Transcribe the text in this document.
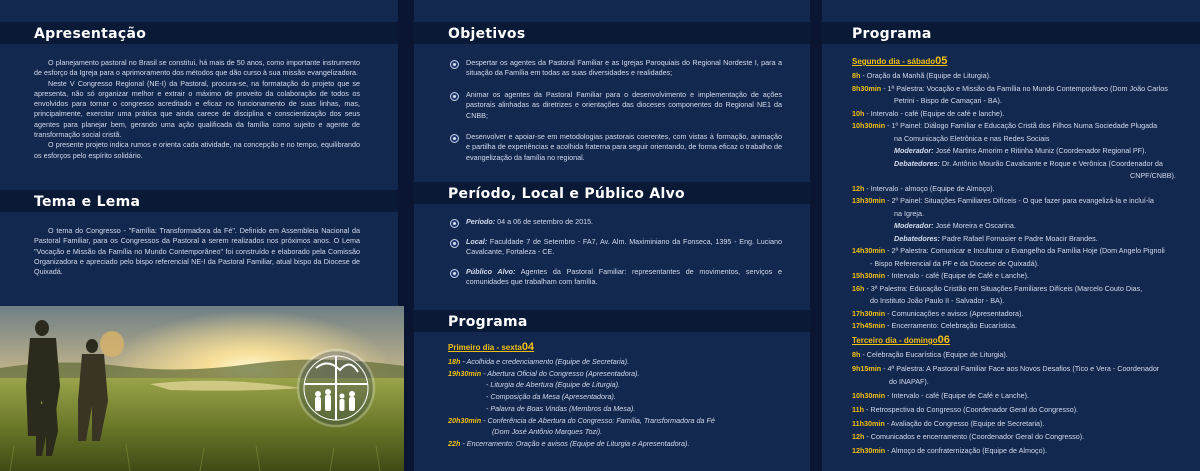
Apresentação

O planejamento pastoral no Brasil se constitui, há mais de 50 anos, como importante instrumento de esforço da Igreja para o aprimoramento dos métodos que dão curso à sua missão evangelizadora.

Neste V Congresso Regional (NE-I) da Pastoral, procura-se, na formatação do projeto que se apresenta, não só organizar melhor e extrair o máximo de proveito da colaboração de todos os envolvidos para tornar o congresso acreditado e eficaz no funcionamento de suas linhas, mas, principalmente, exercitar uma prática que ainda carece de disciplina e conscientização dos seus agentes para planejar bem, gerando uma ação qualificada da família como sujeito e agente de transformação social cristã.

O presente projeto indica rumos e orienta cada atividade, na concepção e no tempo, equilibrando os esforços pelo espírito solidário.

Tema e Lema

O tema do Congresso - "Família: Transformadora da Fé". Definido em Assembleia Nacional da Pastoral Familiar, para os Congressos da Pastoral a serem realizados nos próximos anos. O Lema "Vocação e Missão da Família no Mundo Contemporâneo" foi construído e elaborado pela Comissão Organizadora e apreciado pelo bispo referencial NE-I da Pastoral Familiar, atual bispo da Diocese de Quixadá.

Objetivos
Despertar os agentes da Pastoral Familiar e as Igrejas Paroquiais do Regional Nordeste I, para a situação da Família em todas as suas diversidades e realidades;
Animar os agentes da Pastoral Familiar para o desenvolvimento e implementação de ações pastorais alinhadas as diretrizes e orientações das dioceses componentes do Regional NE1 da CNBB;
Desenvolver e apoiar-se em metodologias pastorais coerentes, com vistas à formação, animação e partilha de experiências e acolhida fraterna para seguir orientando, de forma eficaz o trabalho de evangelização da família no regional.
Período, Local e Público Alvo
Período: 04 a 06 de setembro de 2015.
Local: Faculdade 7 de Setembro - FA7, Av. Alm. Maximiniano da Fonseca, 1395 - Eng. Luciano Cavalcante, Fortaleza - CE.
Público Alvo: Agentes da Pastoral Familiar: representantes de movimentos, serviços e comunidades que trabalham com família.
Programa
Primeiro dia - sexta04
18h - Acolhida e credenciamento (Equipe de Secretaria).
19h30min - Abertura Oficial do Congresso (Apresentadora).
- Liturgia de Abertura (Equipe de Liturgia).
- Composição da Mesa (Apresentadora).
- Palavra de Boas Vindas (Membros da Mesa).
20h30min - Conferência de Abertura do Congresso: Família, Transformadora da Fé
(Dom José Antônio Marques Tozi).
22h - Encerramento: Oração e avisos (Equipe de Liturgia e Apresentadora).
Programa
Segundo dia - sábado05
8h - Oração da Manhã (Equipe de Liturgia).
8h30min - 1ª Palestra: Vocação e Missão da Família no Mundo Contemporâneo (Dom João Carlos
Petrini - Bispo de Camaçari - BA).
10h - Intervalo - café (Equipe de café e lanche).
10h30min - 1º Painel: Diálogo Familiar e Educação Cristã dos Filhos Numa Sociedade Plugada
na Comunicação Eletrônica e nas Redes Sociais
Moderador: José Martins Amorim e Ritinha Muniz (Coordenador Regional PF).
Debatedores: Dr. Antônio Mourão Cavalcante e Roque e Verônica (Coordenador da
CNPF/CNBB).
12h - Intervalo - almoço (Equipe de Almoço).
13h30min - 2º Painel: Situações Familiares Difíceis - O que fazer para evangelizá-la e incluí-la
na Igreja.
Moderador: José Moreira e Oscarina.
Debatedores: Padre Rafael Fornasier e Padre Moacir Brandes.
14h30min - 2ª Palestra: Comunicar e Inculturar o Evangelho da Família Hoje (Dom Angelo Pignoli
- Bispo Referencial da PF e da Diocese de Quixadá).
15h30min - Intervalo - café (Equipe de Café e Lanche).
16h - 3ª Palestra: Educação Cristão em Situações Familiares Difíceis (Marcelo Couto Dias,
do Instituto João Paulo II - Salvador - BA).
17h30min - Comunicações e avisos (Apresentadora).
17h45min - Encerramento: Celebração Eucarística.
Terceiro dia - domingo06
8h - Celebração Eucarística (Equipe de Liturgia).
9h15min - 4ª Palestra: A Pastoral Familiar Face aos Novos Desafios (Tico e Vera - Coordenador
do INAPAF).
10h30min - Intervalo - café (Equipe de Café e Lanche).
11h - Retrospectiva do Congresso (Coordenador Geral do Congresso).
11h30min - Avaliação do Congresso (Equipe de Secretaria).
12h - Comunicados e encerramento (Coordenador Geral do Congresso).
12h30min - Almoço de confraternização (Equipe de Almoço).
